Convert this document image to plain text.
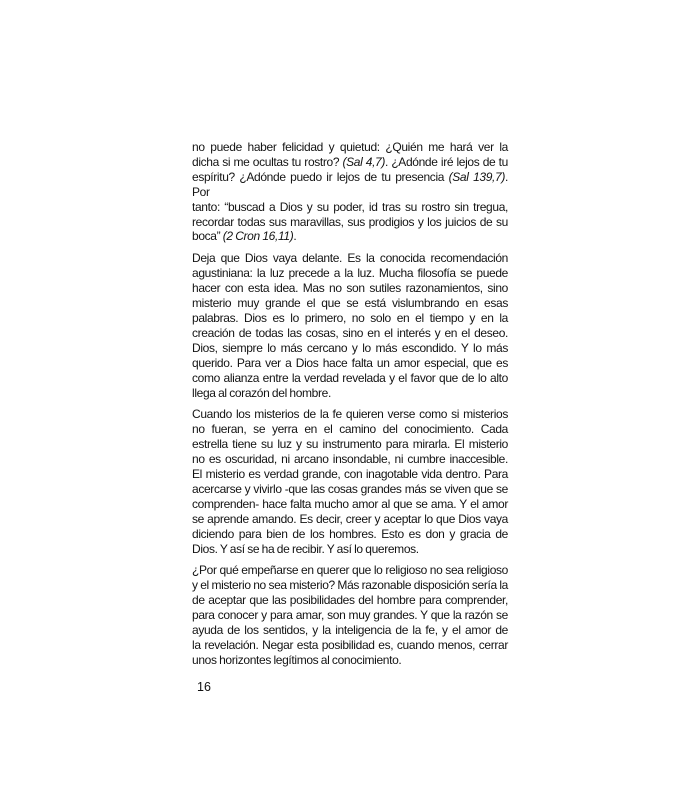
no puede haber felicidad y quietud: ¿Quién me hará ver la
dicha si me ocultas tu rostro? (Sal 4,7). ¿Adónde iré lejos de tu
espíritu? ¿Adónde puedo ir lejos de tu presencia (Sal 139,7). Por
tanto: “buscad a Dios y su poder, id tras su rostro sin tregua,
recordar todas sus maravillas, sus prodigios y los juicios de su
boca” (2 Cron 16,11).
Deja que Dios vaya delante. Es la conocida recomendación
agustiniana: la luz precede a la luz. Mucha filosofía se puede
hacer con esta idea. Mas no son sutiles razonamientos, sino
misterio muy grande el que se está vislumbrando en esas
palabras. Dios es lo primero, no solo en el tiempo y en la
creación de todas las cosas, sino en el interés y en el deseo.
Dios, siempre lo más cercano y lo más escondido. Y lo más
querido. Para ver a Dios hace falta un amor especial, que es
como alianza entre la verdad revelada y el favor que de lo alto
llega al corazón del hombre.
Cuando los misterios de la fe quieren verse como si misterios
no fueran, se yerra en el camino del conocimiento. Cada
estrella tiene su luz y su instrumento para mirarla. El misterio
no es oscuridad, ni arcano insondable, ni cumbre inaccesible.
El misterio es verdad grande, con inagotable vida dentro. Para
acercarse y vivirlo -que las cosas grandes más se viven que se
comprenden- hace falta mucho amor al que se ama. Y el amor
se aprende amando. Es decir, creer y aceptar lo que Dios vaya
diciendo para bien de los hombres. Esto es don y gracia de
Dios. Y así se ha de recibir. Y así lo queremos.
¿Por qué empeñarse en querer que lo religioso no sea religioso
y el misterio no sea misterio? Más razonable disposición sería la
de aceptar que las posibilidades del hombre para comprender,
para conocer y para amar, son muy grandes. Y que la razón se
ayuda de los sentidos, y la inteligencia de la fe, y el amor de
la revelación. Negar esta posibilidad es, cuando menos, cerrar
unos horizontes legítimos al conocimiento.
16
